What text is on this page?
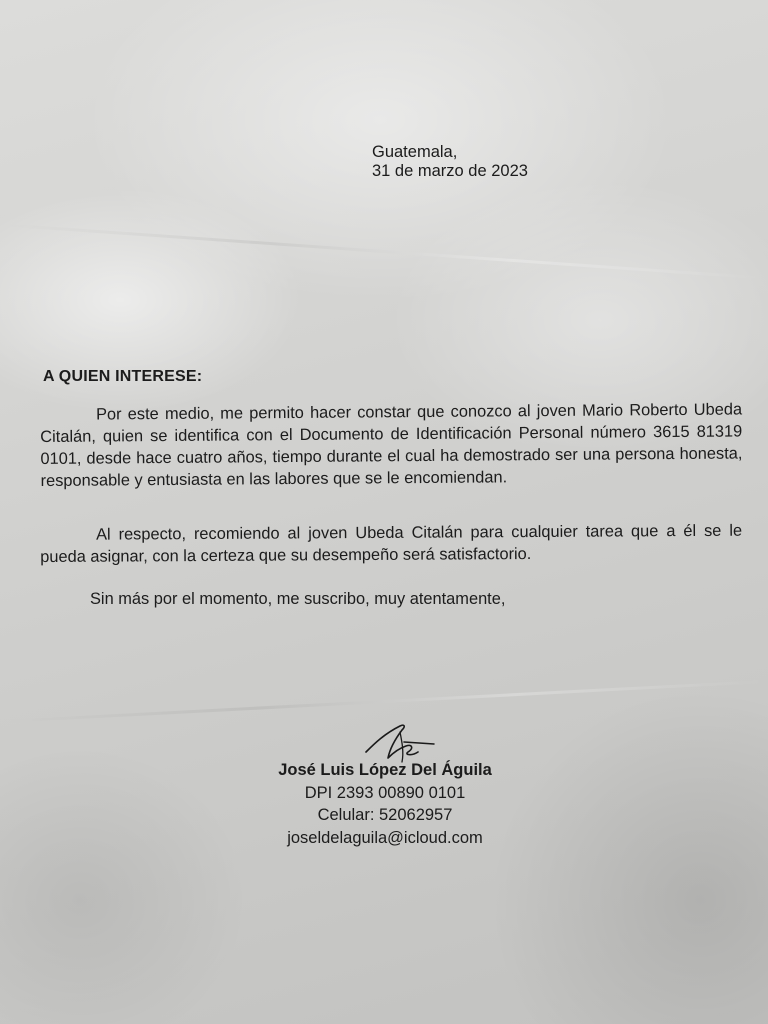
Guatemala,
31 de marzo de 2023
A QUIEN INTERESE:

Por este medio, me permito hacer constar que conozco al joven Mario Roberto Ubeda Citalán, quien se identifica con el Documento de Identificación Personal número 3615 81319 0101, desde hace cuatro años, tiempo durante el cual ha demostrado ser una persona honesta, responsable y entusiasta en las labores que se le encomiendan.

Al respecto, recomiendo al joven Ubeda Citalán para cualquier tarea que a él se le pueda asignar, con la certeza que su desempeño será satisfactorio.

Sin más por el momento, me suscribo, muy atentamente,
José Luis López Del Águila
DPI 2393 00890 0101
Celular: 52062957
joseldelaguila@icloud.com
